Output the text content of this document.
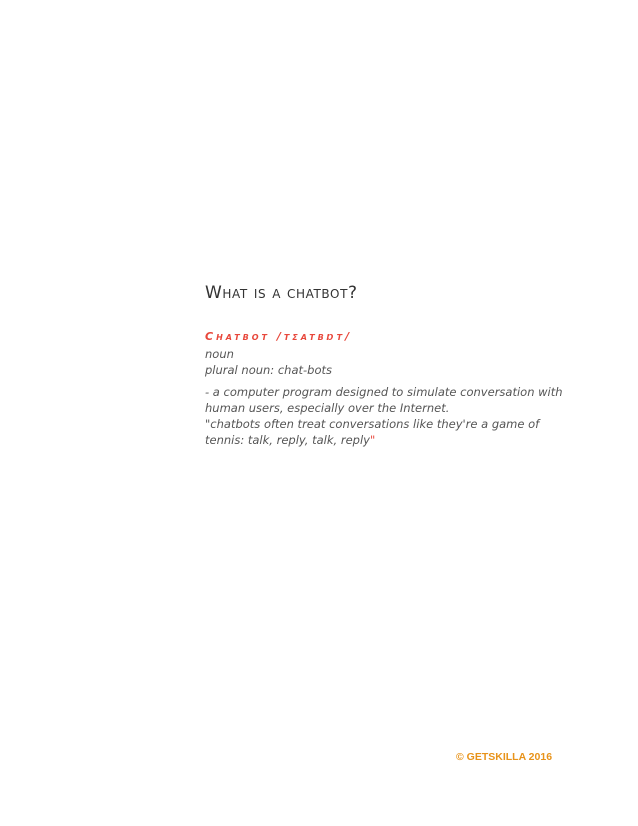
What is a chatbot?
Chatbot /tʃatbɒt/
noun
plural noun: chat-bots
- a computer program designed to simulate conversation with
human users, especially over the Internet.
"chatbots often treat conversations like they're a game of
tennis: talk, reply, talk, reply"
© GETSKILLA 2016
